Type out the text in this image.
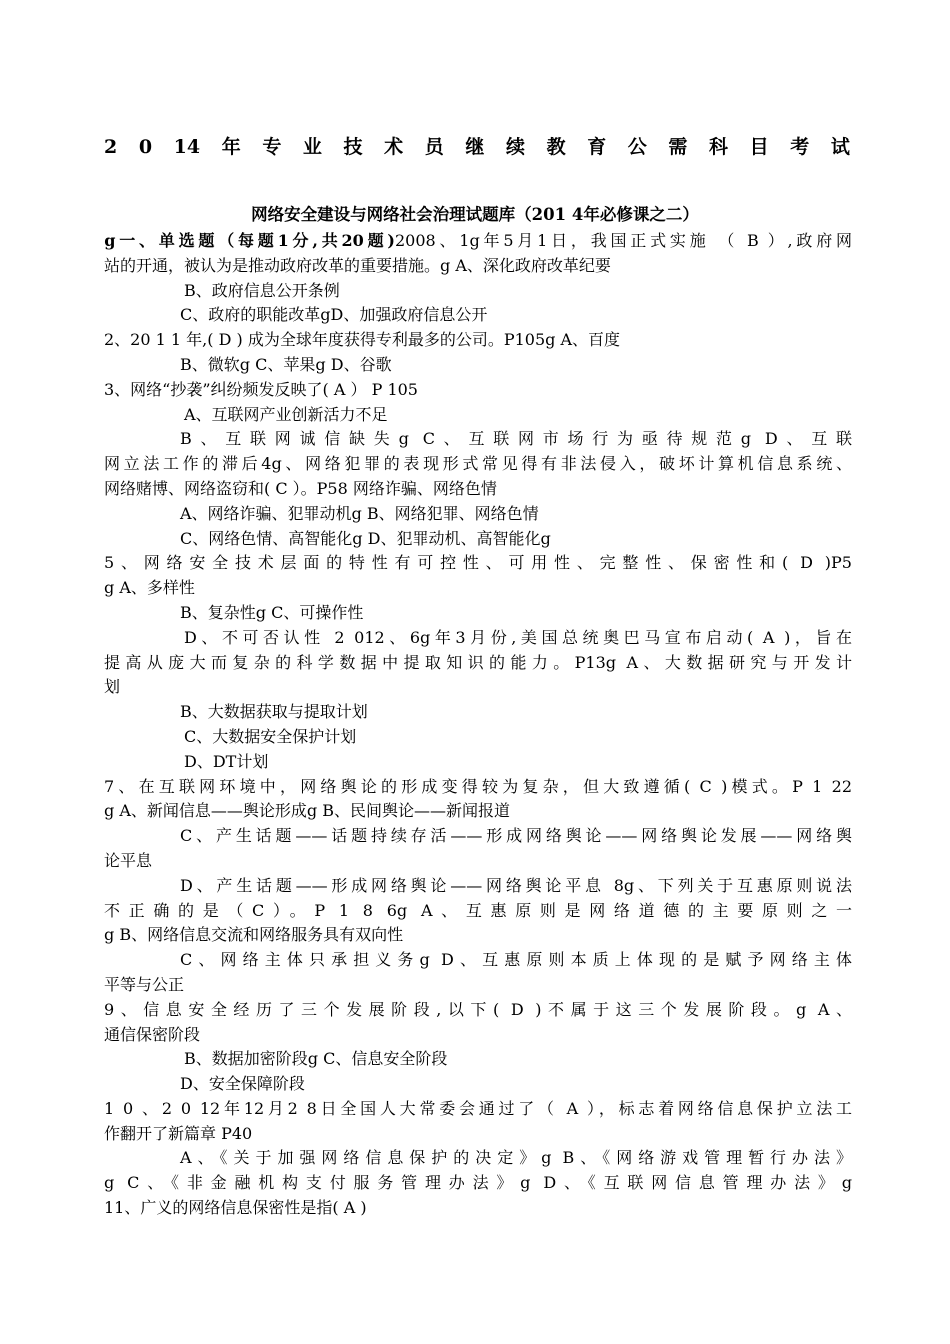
2 0 14 年 专 业 技 术 员 继 续 教 育 公 需 科 目 考 试
网络安全建设与网络社会治理试题库（201 4年必修课之二）
ց一、单选题（每题1分,共20题)2008、1ց年5月1日，我国正式实施 （ B ）,政府网
站的开通，被认为是推动政府改革的重要措施。ց A、深化政府改革纪要
B、政府信息公开条例
C、政府的职能改革ցD、加强政府信息公开
2、20 1 1 年,( D ) 成为全球年度获得专利最多的公司。P105ց A、百度
B、微软ց C、苹果ց D、谷歌
3、网络“抄袭”纠纷频发反映了( A ） P 105
A、互联网产业创新活力不足
B、互联网诚信缺失ց C、互联网市场行为亟待规范ց D、互联
网立法工作的滞后4ց、网络犯罪的表现形式常见得有非法侵入，破坏计算机信息系统、
网络赌博、网络盗窃和( C ）。P58 网络诈骗、网络色情
A、网络诈骗、犯罪动机ց B、网络犯罪、网络色情
C、网络色情、高智能化ց D、犯罪动机、高智能化ց
5、网络安全技术层面的特性有可控性、可用性、完整性、保密性和( D )P5
ց A、多样性
B、复杂性ց C、可操作性
D、不可否认性 2 012、6ց年3月份,美国总统奥巴马宣布启动( A )，旨在
提高从庞大而复杂的科学数据中提取知识的能力。P13ց A、大数据研究与开发计
划
B、大数据获取与提取计划
C、大数据安全保护计划
D、DT计划
7、在互联网环境中，网络舆论的形成变得较为复杂，但大致遵循( C )模式。P 1 22
ց A、新闻信息——舆论形成ց B、民间舆论——新闻报道
C、产生话题——话题持续存活——形成网络舆论——网络舆论发展——网络舆
论平息
D、产生话题——形成网络舆论——网络舆论平息 8ց、下列关于互惠原则说法
不正确的是（C）。P 1 8 6ց A、互惠原则是网络道德的主要原则之一
ց B、网络信息交流和网络服务具有双向性
C、网络主体只承担义务ց D、互惠原则本质上体现的是赋予网络主体
平等与公正
9、信息安全经历了三个发展阶段,以下( D )不属于这三个发展阶段。ց A、
通信保密阶段
B、数据加密阶段ց C、信息安全阶段
D、安全保障阶段
1 0 、2 0 12年12月2 8日全国人大常委会通过了（ A ），标志着网络信息保护立法工
作翻开了新篇章 P40
A、《关于加强网络信息保护的决定》ց B、《网络游戏管理暂行办法》
ց C、《非金融机构支付服务管理办法》ց D、《互联网信息管理办法》ց
11、广义的网络信息保密性是指( A )
